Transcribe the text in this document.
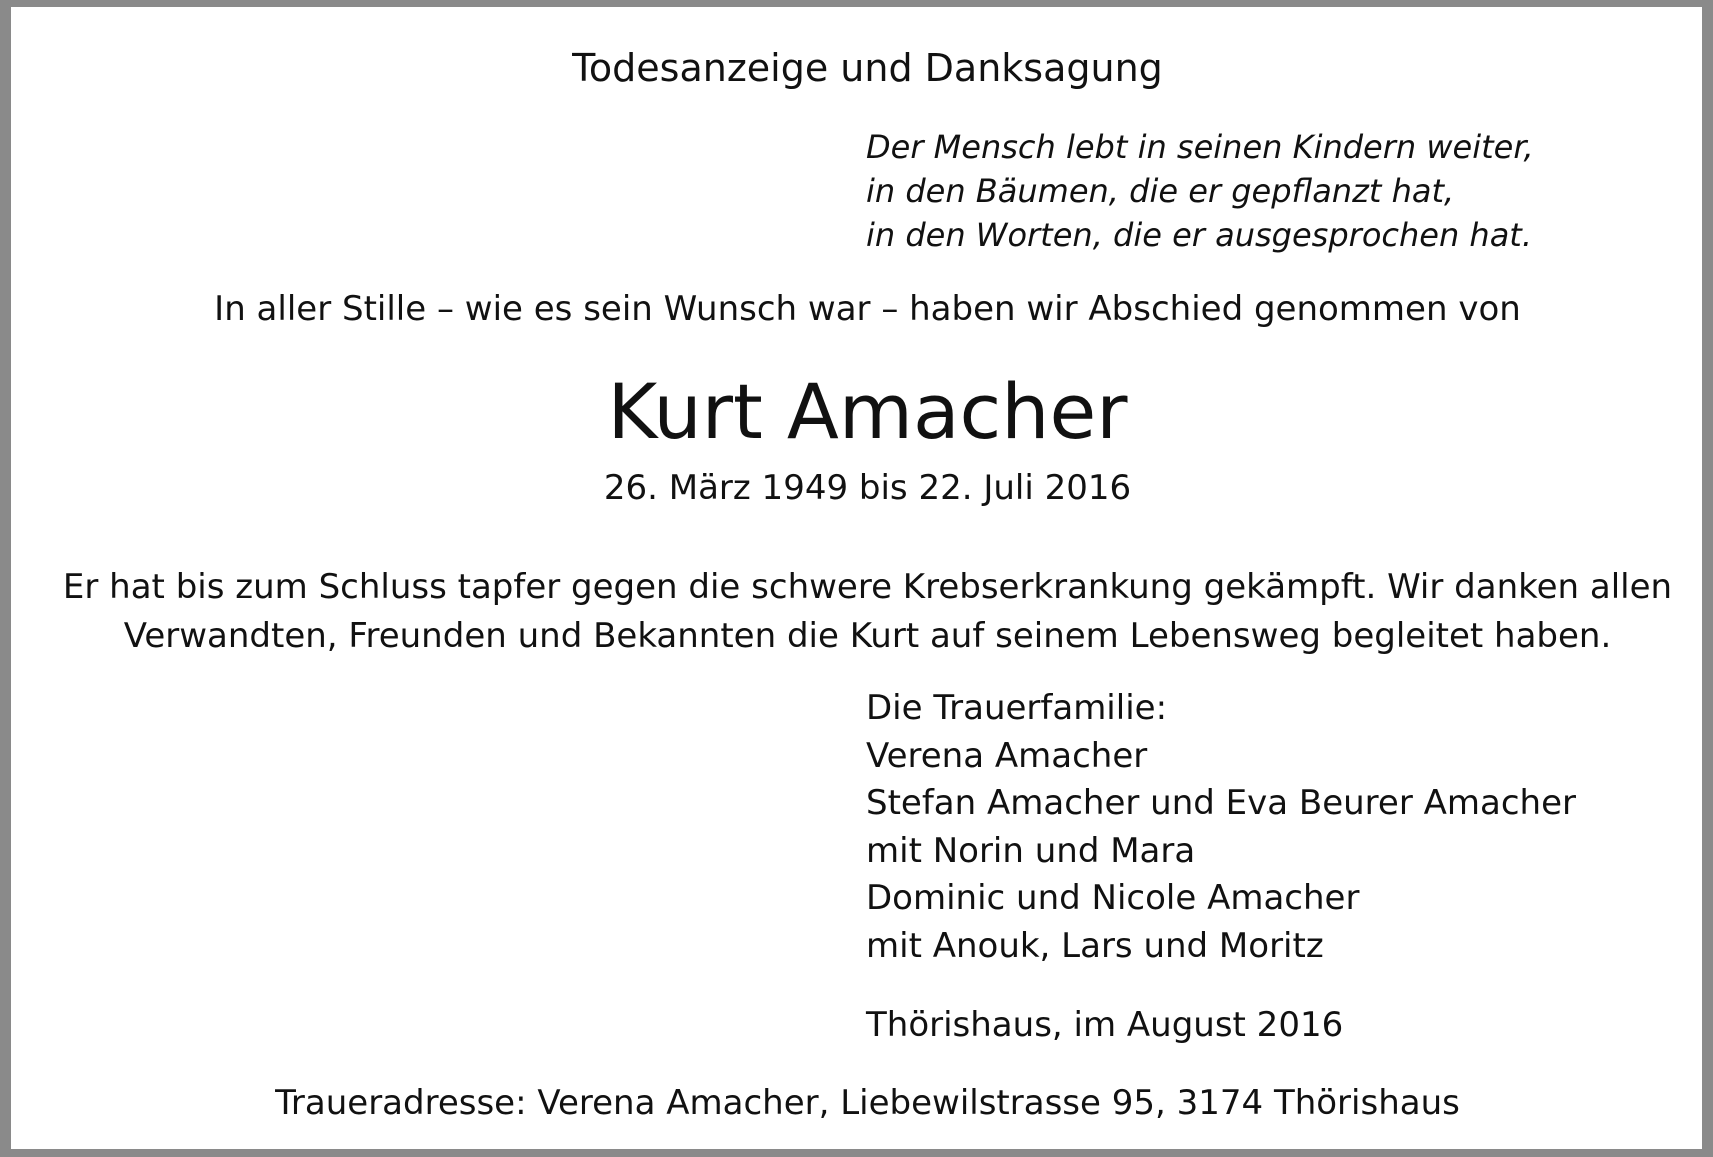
Todesanzeige und Danksagung
Der Mensch lebt in seinen Kindern weiter,
in den Bäumen, die er gepflanzt hat,
in den Worten, die er ausgesprochen hat.
In aller Stille – wie es sein Wunsch war – haben wir Abschied genommen von
Kurt Amacher
26. März 1949 bis 22. Juli 2016
Er hat bis zum Schluss tapfer gegen die schwere Krebserkrankung gekämpft. Wir danken allen
Verwandten, Freunden und Bekannten die Kurt auf seinem Lebensweg begleitet haben.
Die Trauerfamilie:
Verena Amacher
Stefan Amacher und Eva Beurer Amacher
mit Norin und Mara
Dominic und Nicole Amacher
mit Anouk, Lars und Moritz
Thörishaus, im August 2016
Traueradresse: Verena Amacher, Liebewilstrasse 95, 3174 Thörishaus
